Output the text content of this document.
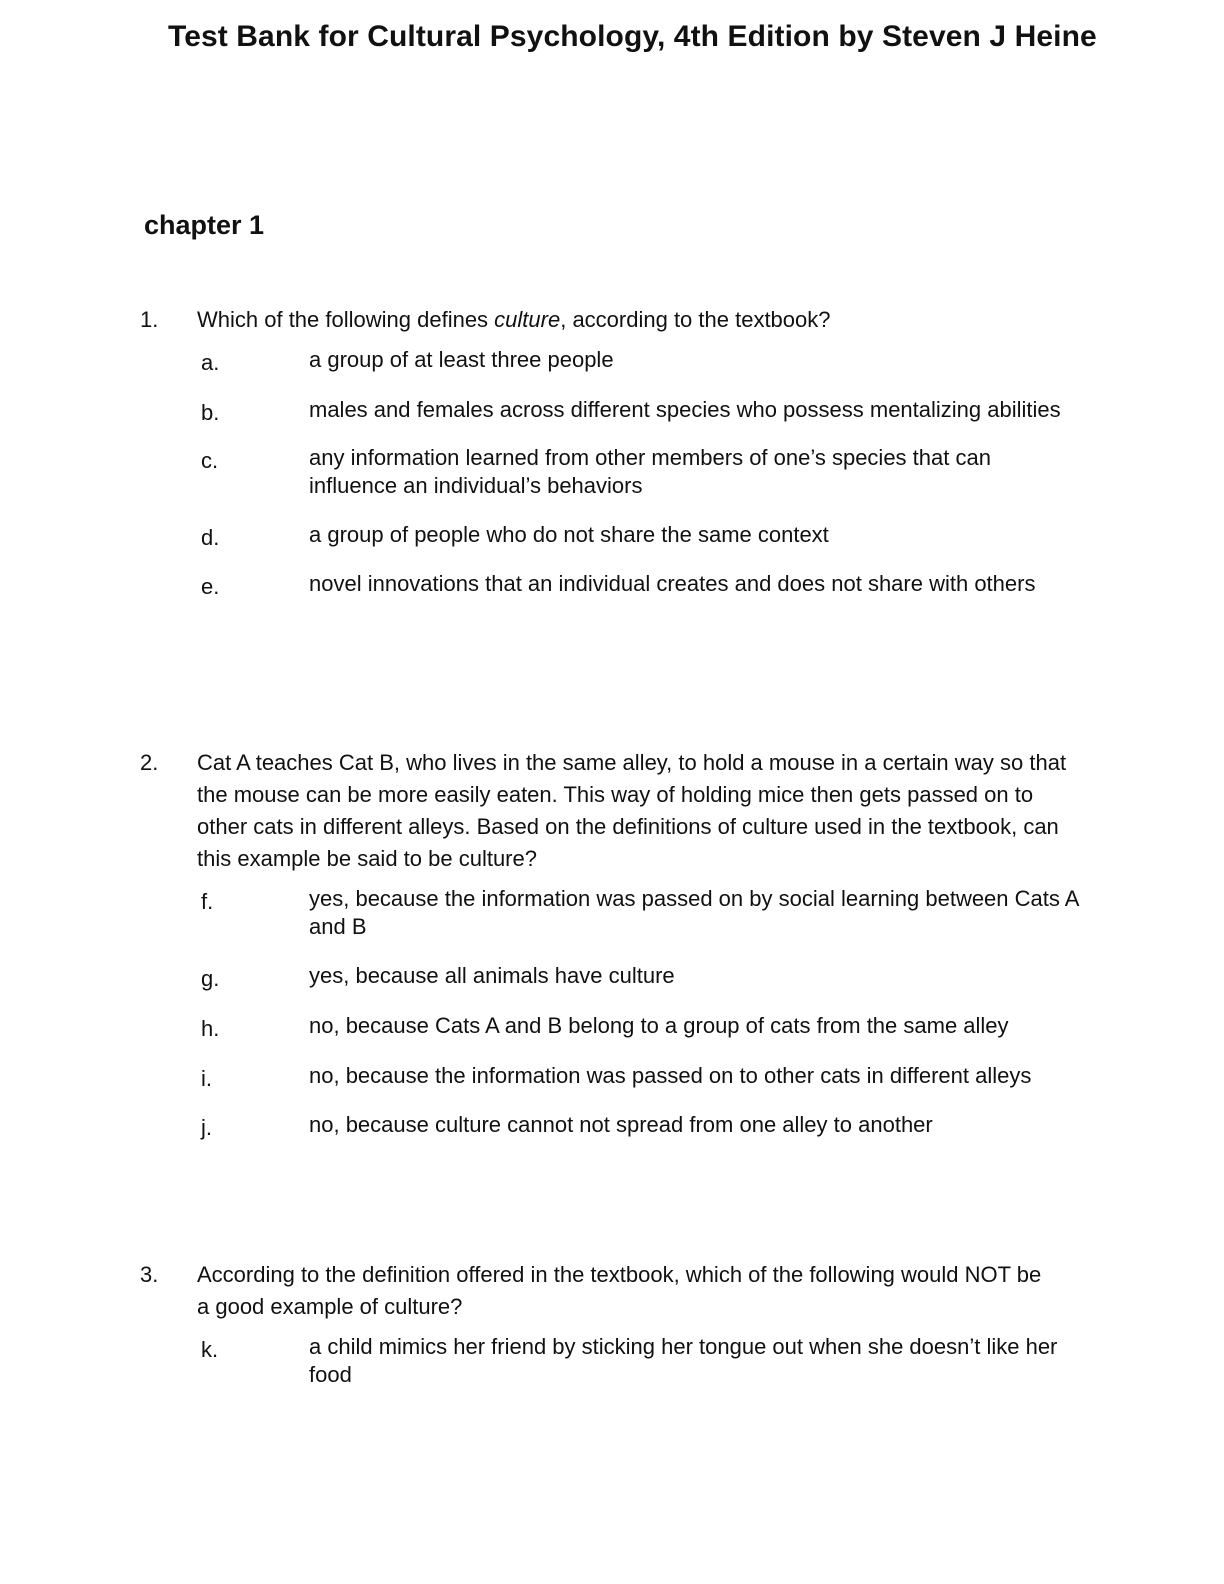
Test Bank for Cultural Psychology, 4th Edition by Steven J Heine
chapter 1
1. Which of the following defines culture, according to the textbook?
a.	a group of at least three people
b.	males and females across different species who possess mentalizing abilities
c.	any information learned from other members of one’s species that can influence an individual’s behaviors
d.	a group of people who do not share the same context
e.	novel innovations that an individual creates and does not share with others
2. Cat A teaches Cat B, who lives in the same alley, to hold a mouse in a certain way so that the mouse can be more easily eaten. This way of holding mice then gets passed on to other cats in different alleys. Based on the definitions of culture used in the textbook, can this example be said to be culture?
f.	yes, because the information was passed on by social learning between Cats A and B
g.	yes, because all animals have culture
h.	no, because Cats A and B belong to a group of cats from the same alley
i.	no, because the information was passed on to other cats in different alleys
j.	no, because culture cannot not spread from one alley to another
3. According to the definition offered in the textbook, which of the following would NOT be a good example of culture?
k.	a child mimics her friend by sticking her tongue out when she doesn’t like her food
